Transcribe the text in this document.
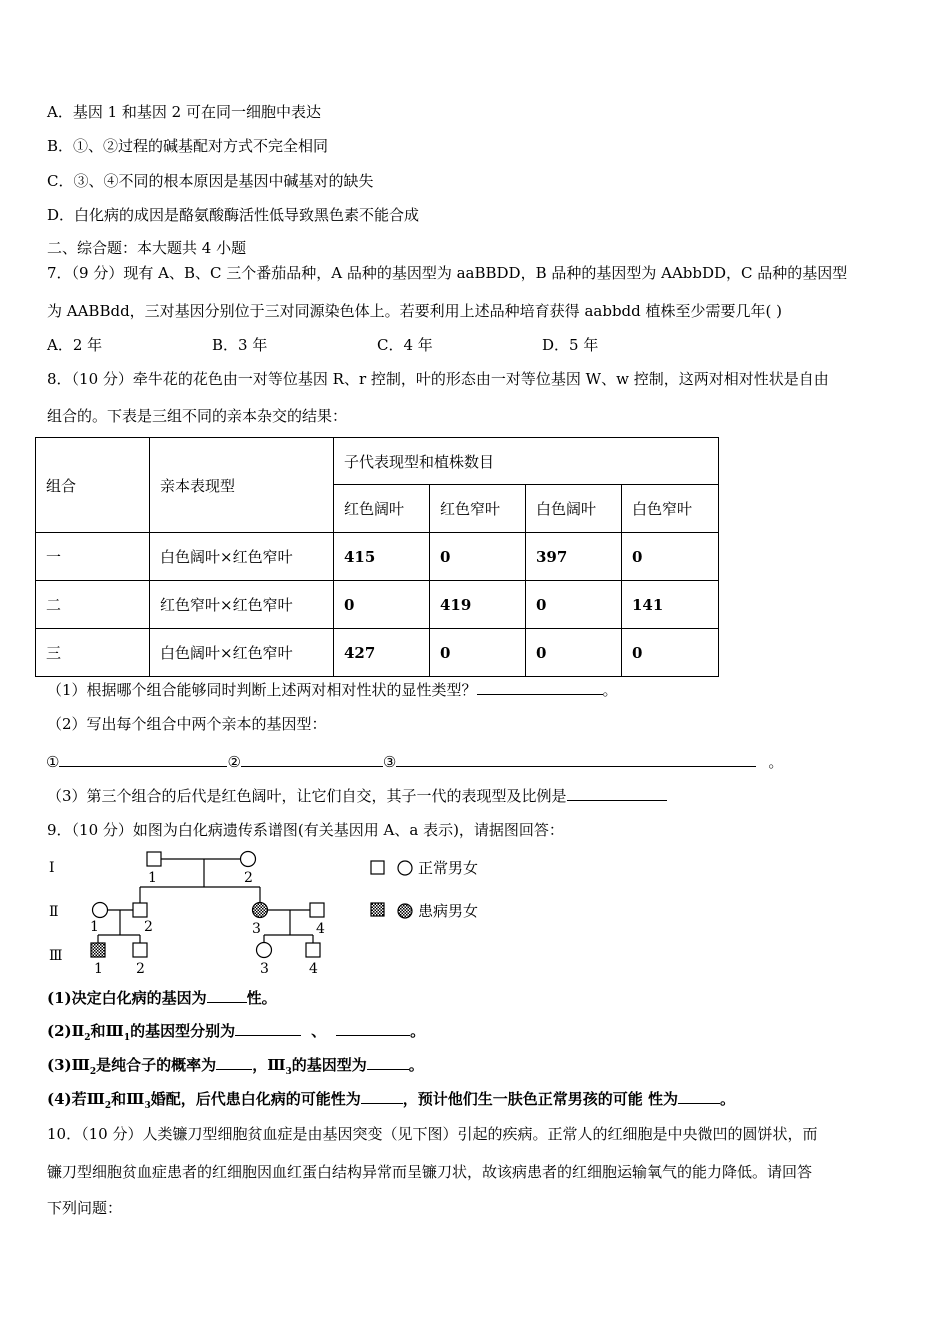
A．基因 1 和基因 2 可在同一细胞中表达
B．①、②过程的碱基配对方式不完全相同
C．③、④不同的根本原因是基因中碱基对的缺失
D．白化病的成因是酪氨酸酶活性低导致黑色素不能合成
二、综合题：本大题共 4 小题
7．（9 分）现有 A、B、C 三个番茄品种，A 品种的基因型为 aaBBDD，B 品种的基因型为 AAbbDD，C 品种的基因型
为 AABBdd，三对基因分别位于三对同源染色体上。若要利用上述品种培育获得 aabbdd 植株至少需要几年( )
A．2 年	B．3 年	C．4 年	D．5 年
8．（10 分）牵牛花的花色由一对等位基因 R、r 控制，叶的形态由一对等位基因 W、w 控制，这两对相对性状是自由
组合的。下表是三组不同的亲本杂交的结果：
组合	亲本表现型	子代表现型和植株数目			
		红色阔叶	红色窄叶	白色阔叶	白色窄叶
一	白色阔叶×红色窄叶	415	0	397	0
二	红色窄叶×红色窄叶	0	419	0	141
三	白色阔叶×红色窄叶	427	0	0	0
（1）根据哪个组合能够同时判断上述两对相对性状的显性类型？	。
（2）写出每个组合中两个亲本的基因型：
①	②	③	。
（3）第三个组合的后代是红色阔叶，让它们自交，其子一代的表现型及比例是
9．（10 分）如图为白化病遗传系谱图(有关基因用 A、a 表示)，请据图回答：
Ⅰ
Ⅱ
Ⅲ
1	2
1	2	3	4
1 2	3	4
正常男女
患病男女
(1)决定白化病的基因为	性。
$(2)Ⅱ_2$和$Ⅲ_1$的基因型分别为	、	。
$(3)Ⅲ_2$是纯合子的概率为 ，$Ⅲ_3$的基因型为	。
(4)若$Ⅲ_2$和$Ⅲ_3$婚配，后代患白化病的可能性为	，预计他们生一肤色正常男孩的可能 性为	。
10．（10 分）人类镰刀型细胞贫血症是由基因突变（见下图）引起的疾病。正常人的红细胞是中央微凹的圆饼状，而
镰刀型细胞贫血症患者的红细胞因血红蛋白结构异常而呈镰刀状，故该病患者的红细胞运输氧气的能力降低。请回答
下列问题：
